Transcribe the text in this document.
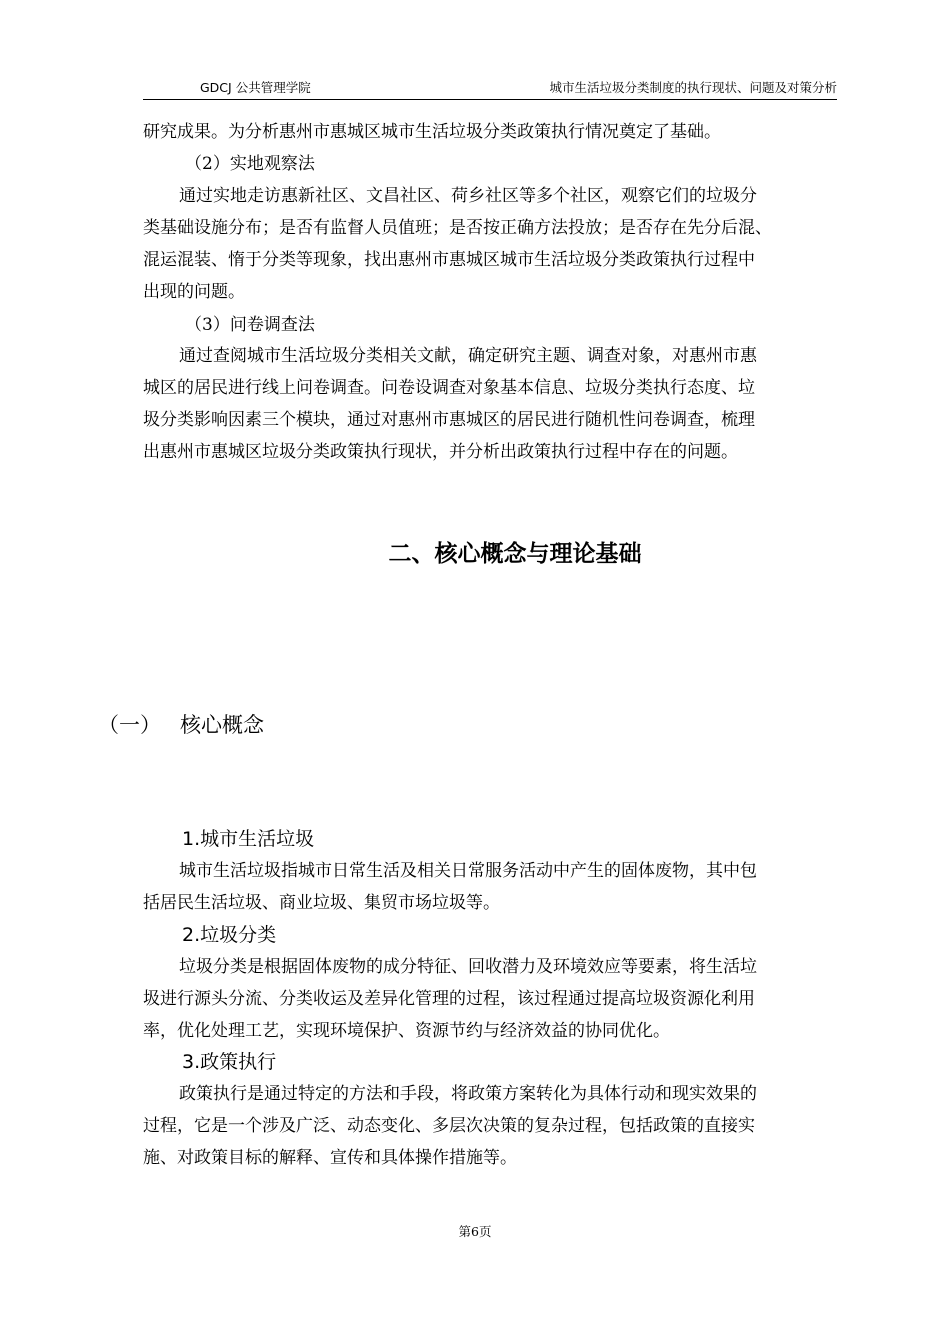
GDCJ 公共管理学院	城市生活垃圾分类制度的执行现状、问题及对策分析
研究成果。为分析惠州市惠城区城市生活垃圾分类政策执行情况奠定了基础。
（2）实地观察法
通过实地走访惠新社区、文昌社区、荷乡社区等多个社区，观察它们的垃圾分
类基础设施分布；是否有监督人员值班；是否按正确方法投放；是否存在先分后混、
混运混装、惰于分类等现象，找出惠州市惠城区城市生活垃圾分类政策执行过程中
出现的问题。
（3）问卷调查法
通过查阅城市生活垃圾分类相关文献，确定研究主题、调查对象，对惠州市惠
城区的居民进行线上问卷调查。问卷设调查对象基本信息、垃圾分类执行态度、垃
圾分类影响因素三个模块，通过对惠州市惠城区的居民进行随机性问卷调查，梳理
出惠州市惠城区垃圾分类政策执行现状，并分析出政策执行过程中存在的问题。
二、核心概念与理论基础
（一） 核心概念
1.城市生活垃圾
城市生活垃圾指城市日常生活及相关日常服务活动中产生的固体废物，其中包
括居民生活垃圾、商业垃圾、集贸市场垃圾等。
2.垃圾分类
垃圾分类是根据固体废物的成分特征、回收潜力及环境效应等要素，将生活垃
圾进行源头分流、分类收运及差异化管理的过程，该过程通过提高垃圾资源化利用
率，优化处理工艺，实现环境保护、资源节约与经济效益的协同优化。
3.政策执行
政策执行是通过特定的方法和手段，将政策方案转化为具体行动和现实效果的
过程，它是一个涉及广泛、动态变化、多层次决策的复杂过程，包括政策的直接实
施、对政策目标的解释、宣传和具体操作措施等。
第6页
